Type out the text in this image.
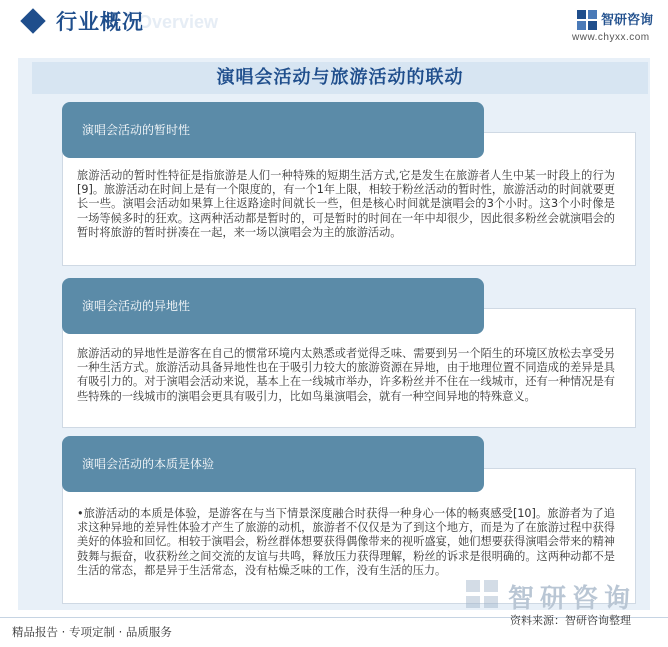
Overview
行业概况	智研咨询
www.chyxx.com
演唱会活动与旅游活动的联动

旅游活动的暂时性特征是指旅游是人们一种特殊的短期生活方式,它是发生在旅游者人生中某一时段上的行为[9]。旅游活动在时间上是有一个限度的，有一个1年上限，相较于粉丝活动的暂时性，旅游活动的时间就要更长一些。演唱会活动如果算上往返路途时间就长一些，但是核心时间就是演唱会的3个小时。这3个小时像是一场等候多时的狂欢。这两种活动都是暂时的，可是暂时的时间在一年中却很少，因此很多粉丝会就演唱会的暂时将旅游的暂时拼凑在一起，来一场以演唱会为主的旅游活动。

演唱会活动的暂时性

旅游活动的异地性是游客在自己的惯常环境内太熟悉或者觉得乏味、需要到另一个陌生的环境区放松去享受另一种生活方式。旅游活动具备异地性也在于吸引力较大的旅游资源在异地，由于地理位置不同造成的差异是具有吸引力的。对于演唱会活动来说，基本上在一线城市举办，许多粉丝并不住在一线城市，还有一种情况是有些特殊的一线城市的演唱会更具有吸引力，比如鸟巢演唱会，就有一种空间异地的特殊意义。

演唱会活动的异地性

•旅游活动的本质是体验，是游客在与当下情景深度融合时获得一种身心一体的畅爽感受[10]。旅游者为了追求这种异地的差异性体验才产生了旅游的动机，旅游者不仅仅是为了到这个地方，而是为了在旅游过程中获得美好的体验和回忆。相较于演唱会，粉丝群体想要获得偶像带来的视听盛宴，她们想要获得演唱会带来的精神鼓舞与振奋，收获粉丝之间交流的友谊与共鸣，释放压力获得理解，粉丝的诉求是很明确的。这两种动都不是生活的常态，都是异于生活常态，没有枯燥乏味的工作，没有生活的压力。

演唱会活动的本质是体验
智研咨询
精品报告 · 专项定制 · 品质服务
资料来源：智研咨询整理
